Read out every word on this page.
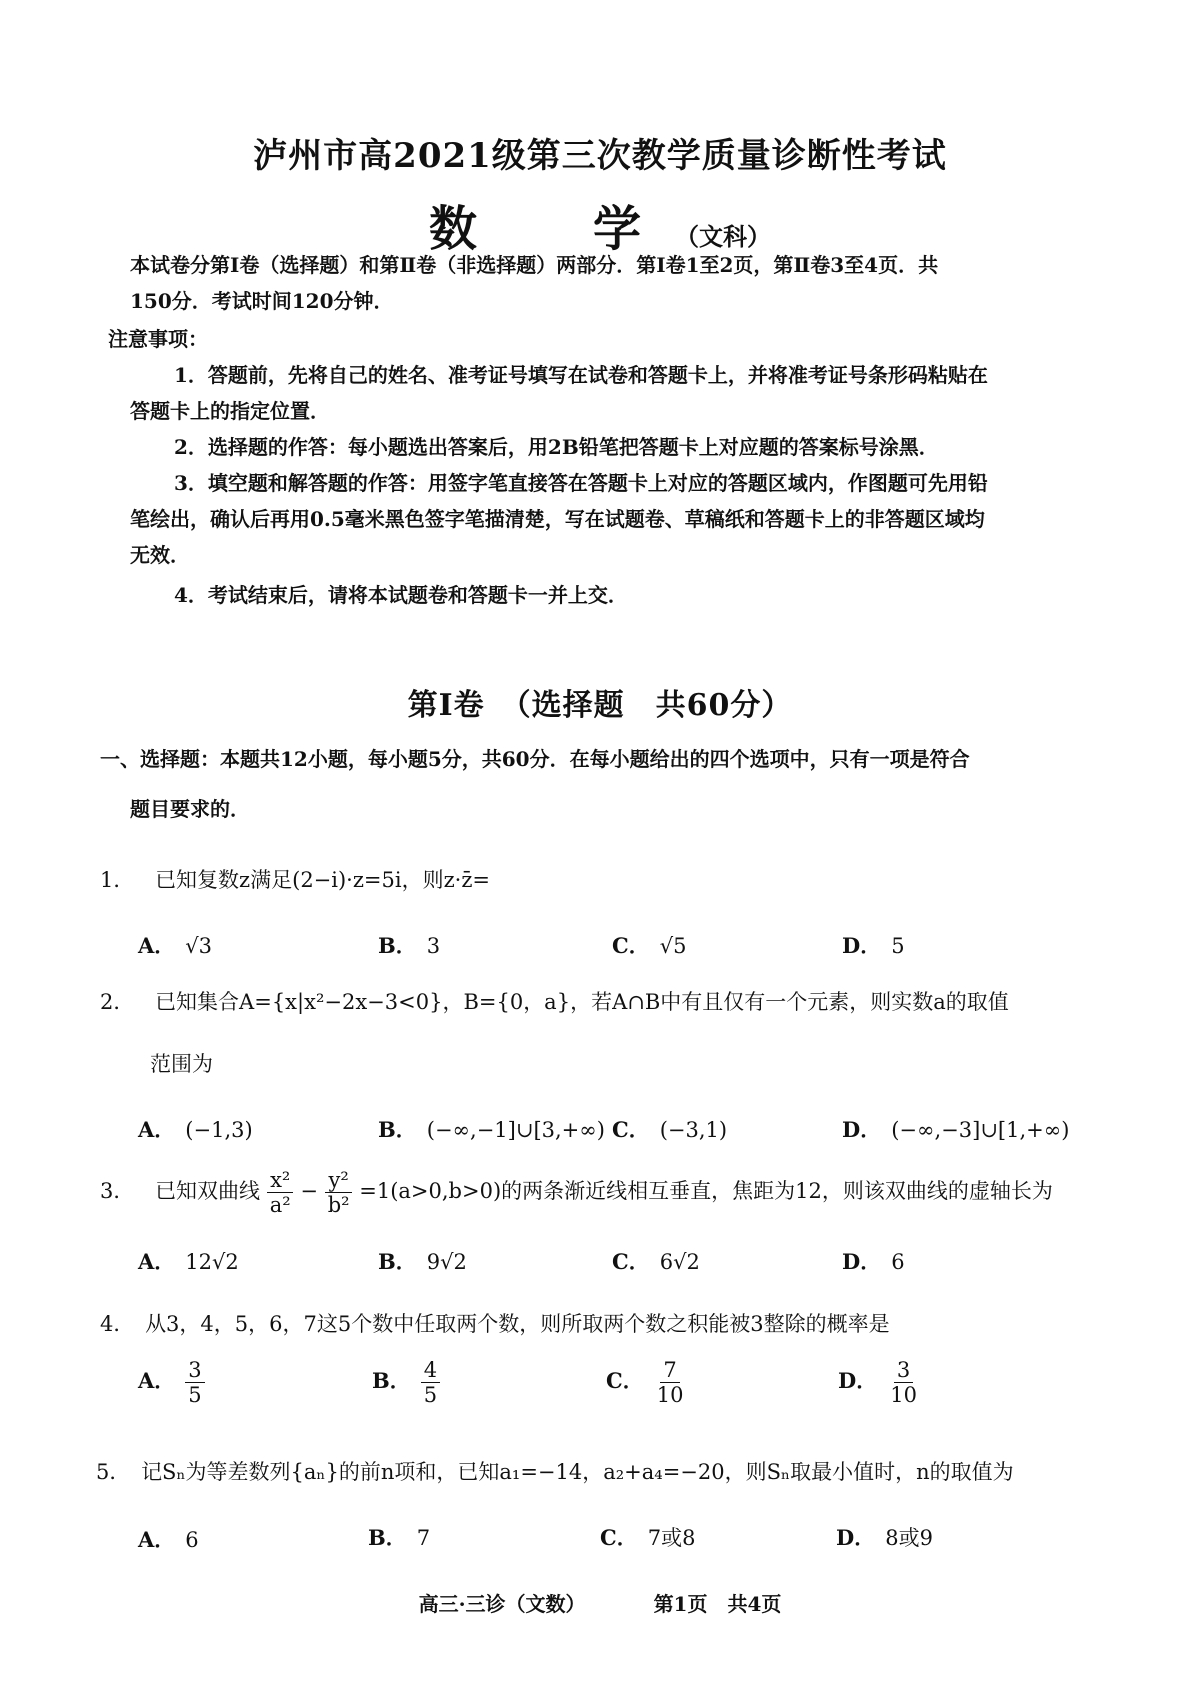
泸州市高2021级第三次教学质量诊断性考试
数　学（文科）
本试卷分第Ⅰ卷（选择题）和第Ⅱ卷（非选择题）两部分．第Ⅰ卷1至2页，第Ⅱ卷3至4页．共
150分．考试时间120分钟．
注意事项：
1．答题前，先将自己的姓名、准考证号填写在试卷和答题卡上，并将准考证号条形码粘贴在
答题卡上的指定位置．
2．选择题的作答：每小题选出答案后，用2B铅笔把答题卡上对应题的答案标号涂黑．
3．填空题和解答题的作答：用签字笔直接答在答题卡上对应的答题区域内，作图题可先用铅
笔绘出，确认后再用0.5毫米黑色签字笔描清楚，写在试题卷、草稿纸和答题卡上的非答题区域均
无效．
4．考试结束后，请将本试题卷和答题卡一并上交．
第Ⅰ卷　（选择题　共60分）
一、选择题：本题共12小题，每小题5分，共60分．在每小题给出的四个选项中，只有一项是符合
题目要求的．
1． 已知复数z满足(2−i)·z=5i，则z·z̄=
A． √3	B． 3	C． √5	D． 5
2． 已知集合A={x|x²−2x−3<0}，B={0，a}，若A∩B中有且仅有一个元素，则实数a的取值
范围为
A． (−1,3)	B． (−∞,−1]∪[3,+∞) C． (−3,1)	D． (−∞,−3]∪[1,+∞)
3． 已知双曲线 $\frac{\text{x²}}{\text{a²}} - \frac{\text{y²}}{\text{b²}} =1(a>0,b>0)$的两条渐近线相互垂直，焦距为12，则该双曲线的虚轴长为
A． 12√2	B． 9√2	C． 6√2	D． 6
4． 从3，4，5，6，7这5个数中任取两个数，则所取两个数之积能被3整除的概率是
A． $\frac{3}{5}$	B． $\frac{4}{5}$	C． $\frac{7}{10}$	D． $\frac{3}{10}$
5． 记Sₙ为等差数列{aₙ}的前n项和，已知a₁=−14，a₂+a₄=−20，则Sₙ取最小值时，n的取值为
A． 6	B． 7	C． 7或8	D． 8或9
高三·三诊（文数）	第1页　共4页
